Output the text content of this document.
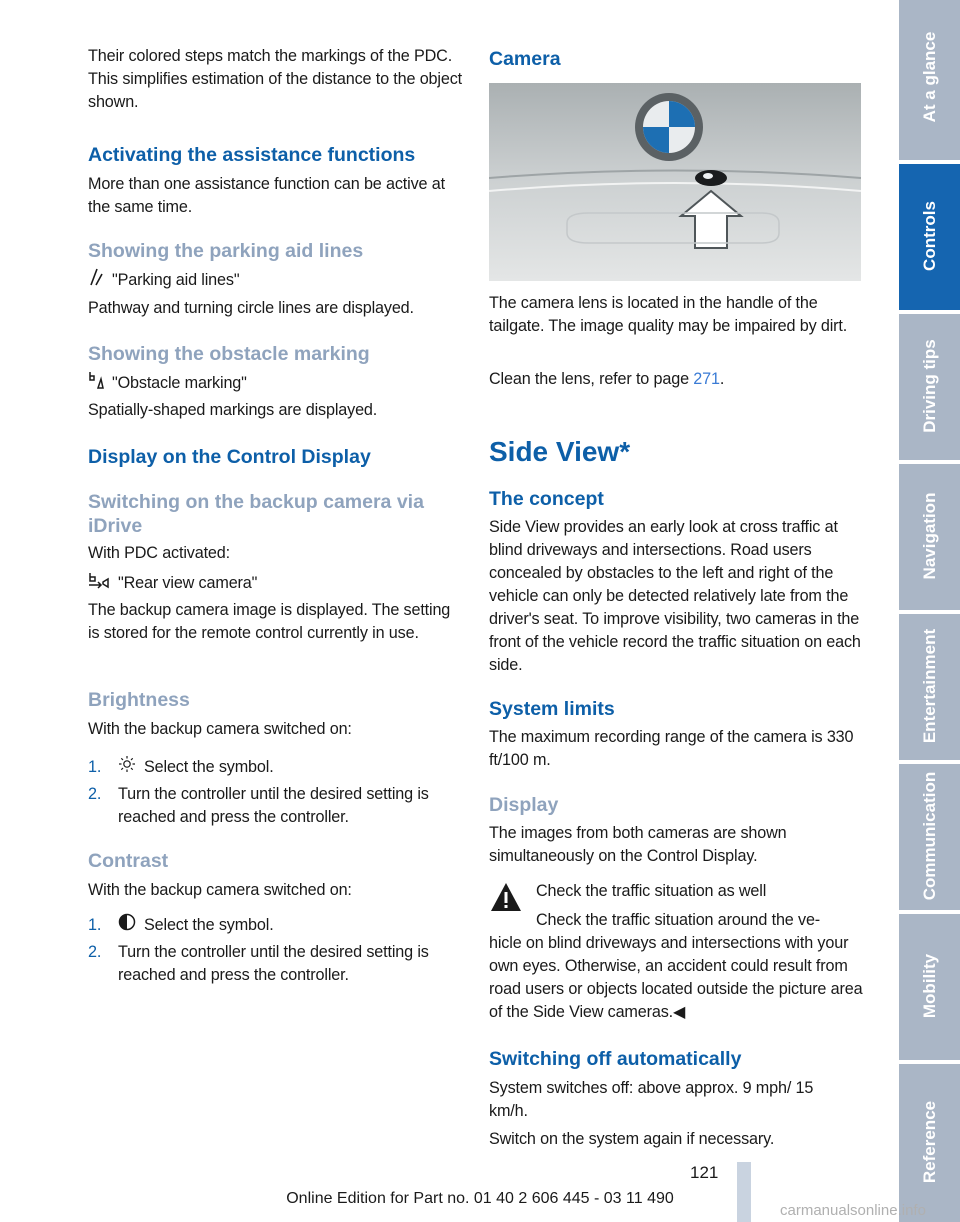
Their colored steps match the markings of the PDC. This simplifies estimation of the distance to the object shown.

Activating the assistance functions

More than one assistance function can be active at the same time.

Showing the parking aid lines
"Parking aid lines"

Pathway and turning circle lines are displayed.

Showing the obstacle marking
"Obstacle marking"

Spatially-shaped markings are displayed.

Display on the Control Display
Switching on the backup camera via iDrive

With PDC activated:

"Rear view camera"

The backup camera image is displayed. The setting is stored for the remote control currently in use.

Brightness

With the backup camera switched on:

1.	Select the symbol.
2. Turn the controller until the desired setting is reached and press the controller.
Contrast

With the backup camera switched on:

1.	Select the symbol.
2. Turn the controller until the desired setting is reached and press the controller.
Camera

The camera lens is located in the handle of the tailgate. The image quality may be impaired by dirt.

Clean the lens, refer to page 271.

Side View*
The concept

Side View provides an early look at cross traffic at blind driveways and intersections. Road users concealed by obstacles to the left and right of the vehicle can only be detected relatively late from the driver's seat. To improve visibility, two cameras in the front of the vehicle record the traffic situation on each side.

System limits

The maximum recording range of the camera is 330 ft/100 m.

Display

The images from both cameras are shown simultaneously on the Control Display.

Check the traffic situation as well
Check the traffic situation around the ve-
hicle on blind driveways and intersections with your own eyes. Otherwise, an accident could result from road users or objects located outside the picture area of the Side View cameras.◀
Switching off automatically

System switches off: above approx. 9 mph/ 15 km/h.

Switch on the system again if necessary.

At a glance
Controls
Driving tips
Navigation
Entertainment
Communication
Mobility
Reference
121
Online Edition for Part no. 01 40 2 606 445 - 03 11 490
carmanualsonline.info
